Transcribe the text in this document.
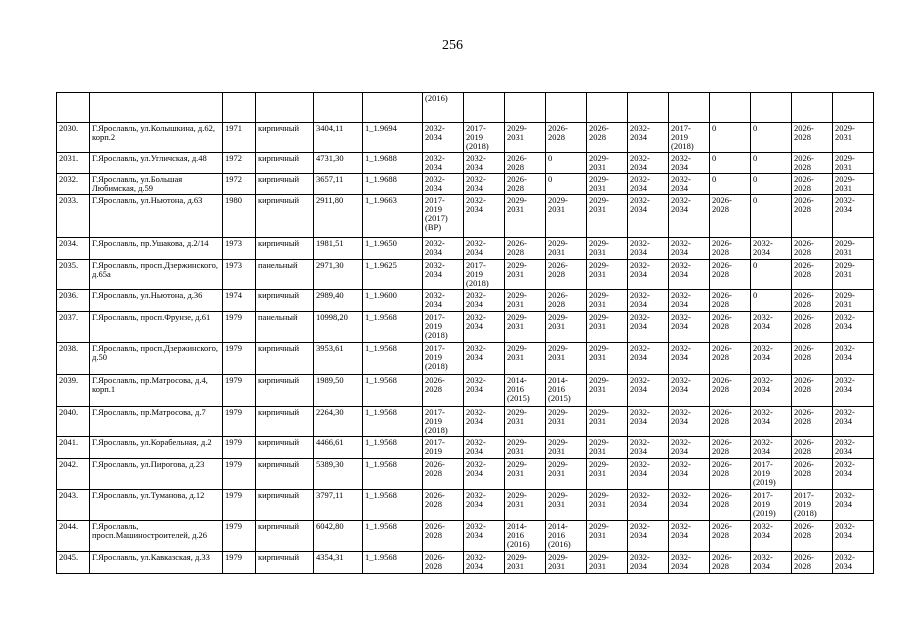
256
						(2016)										
2030.	Г.Ярославль, ул.Колышкина, д.62, корп.2	1971	кирпичный	3404,11	1_1.9694	2032-
2034	2017-
2019
(2018)	2029-
2031	2026-
2028	2026-
2028	2032-
2034	2017-
2019
(2018)	0	0	2026-
2028	2029-
2031
2031.	Г.Ярославль, ул.Угличская, д.48	1972	кирпичный	4731,30	1_1.9688	2032-
2034	2032-
2034	2026-
2028	0	2029-
2031	2032-
2034	2032-
2034	0	0	2026-
2028	2029-
2031
2032.	Г.Ярославль, ул.Большая Любимская, д.59	1972	кирпичный	3657,11	1_1.9688	2032-
2034	2032-
2034	2026-
2028	0	2029-
2031	2032-
2034	2032-
2034	0	0	2026-
2028	2029-
2031
2033.	Г.Ярославль, ул.Ньютона, д.63	1980	кирпичный	2911,80	1_1.9663	2017-
2019
(2017)
(ВР)	2032-
2034	2029-
2031	2029-
2031	2029-
2031	2032-
2034	2032-
2034	2026-
2028	0	2026-
2028	2032-
2034
2034.	Г.Ярославль, пр.Ушакова, д.2/14	1973	кирпичный	1981,51	1_1.9650	2032-
2034	2032-
2034	2026-
2028	2029-
2031	2029-
2031	2032-
2034	2032-
2034	2026-
2028	2032-
2034	2026-
2028	2029-
2031
2035.	Г.Ярославль, просп.Дзержинского, д.65а	1973	панельный	2971,30	1_1.9625	2032-
2034	2017-
2019
(2018)	2029-
2031	2026-
2028	2029-
2031	2032-
2034	2032-
2034	2026-
2028	0	2026-
2028	2029-
2031
2036.	Г.Ярославль, ул.Ньютона, д.36	1974	кирпичный	2989,40	1_1.9600	2032-
2034	2032-
2034	2029-
2031	2026-
2028	2029-
2031	2032-
2034	2032-
2034	2026-
2028	0	2026-
2028	2029-
2031
2037.	Г.Ярославль, просп.Фрунзе, д.61	1979	панельный	10998,20	1_1.9568	2017-
2019
(2018)	2032-
2034	2029-
2031	2029-
2031	2029-
2031	2032-
2034	2032-
2034	2026-
2028	2032-
2034	2026-
2028	2032-
2034
2038.	Г.Ярославль, просп.Дзержинского, д.50	1979	кирпичный	3953,61	1_1.9568	2017-
2019
(2018)	2032-
2034	2029-
2031	2029-
2031	2029-
2031	2032-
2034	2032-
2034	2026-
2028	2032-
2034	2026-
2028	2032-
2034
2039.	Г.Ярославль, пр.Матросова, д.4, корп.1	1979	кирпичный	1989,50	1_1.9568	2026-
2028	2032-
2034	2014-
2016
(2015)	2014-
2016
(2015)	2029-
2031	2032-
2034	2032-
2034	2026-
2028	2032-
2034	2026-
2028	2032-
2034
2040.	Г.Ярославль, пр.Матросова, д.7	1979	кирпичный	2264,30	1_1.9568	2017-
2019
(2018)	2032-
2034	2029-
2031	2029-
2031	2029-
2031	2032-
2034	2032-
2034	2026-
2028	2032-
2034	2026-
2028	2032-
2034
2041.	Г.Ярославль, ул.Корабельная, д.2	1979	кирпичный	4466,61	1_1.9568	2017-
2019	2032-
2034	2029-
2031	2029-
2031	2029-
2031	2032-
2034	2032-
2034	2026-
2028	2032-
2034	2026-
2028	2032-
2034
2042.	Г.Ярославль, ул.Пирогова, д.23	1979	кирпичный	5389,30	1_1.9568	2026-
2028	2032-
2034	2029-
2031	2029-
2031	2029-
2031	2032-
2034	2032-
2034	2026-
2028	2017-
2019
(2019)	2026-
2028	2032-
2034
2043.	Г.Ярославль, ул.Туманова, д.12	1979	кирпичный	3797,11	1_1.9568	2026-
2028	2032-
2034	2029-
2031	2029-
2031	2029-
2031	2032-
2034	2032-
2034	2026-
2028	2017-
2019
(2019)	2017-
2019
(2018)	2032-
2034
2044.	Г.Ярославль, просп.Машиностроителей, д.26	1979	кирпичный	6042,80	1_1.9568	2026-
2028	2032-
2034	2014-
2016
(2016)	2014-
2016
(2016)	2029-
2031	2032-
2034	2032-
2034	2026-
2028	2032-
2034	2026-
2028	2032-
2034
2045.	Г.Ярославль, ул.Кавказская, д.33	1979	кирпичный	4354,31	1_1.9568	2026-
2028	2032-
2034	2029-
2031	2029-
2031	2029-
2031	2032-
2034	2032-
2034	2026-
2028	2032-
2034	2026-
2028	2032-
2034
